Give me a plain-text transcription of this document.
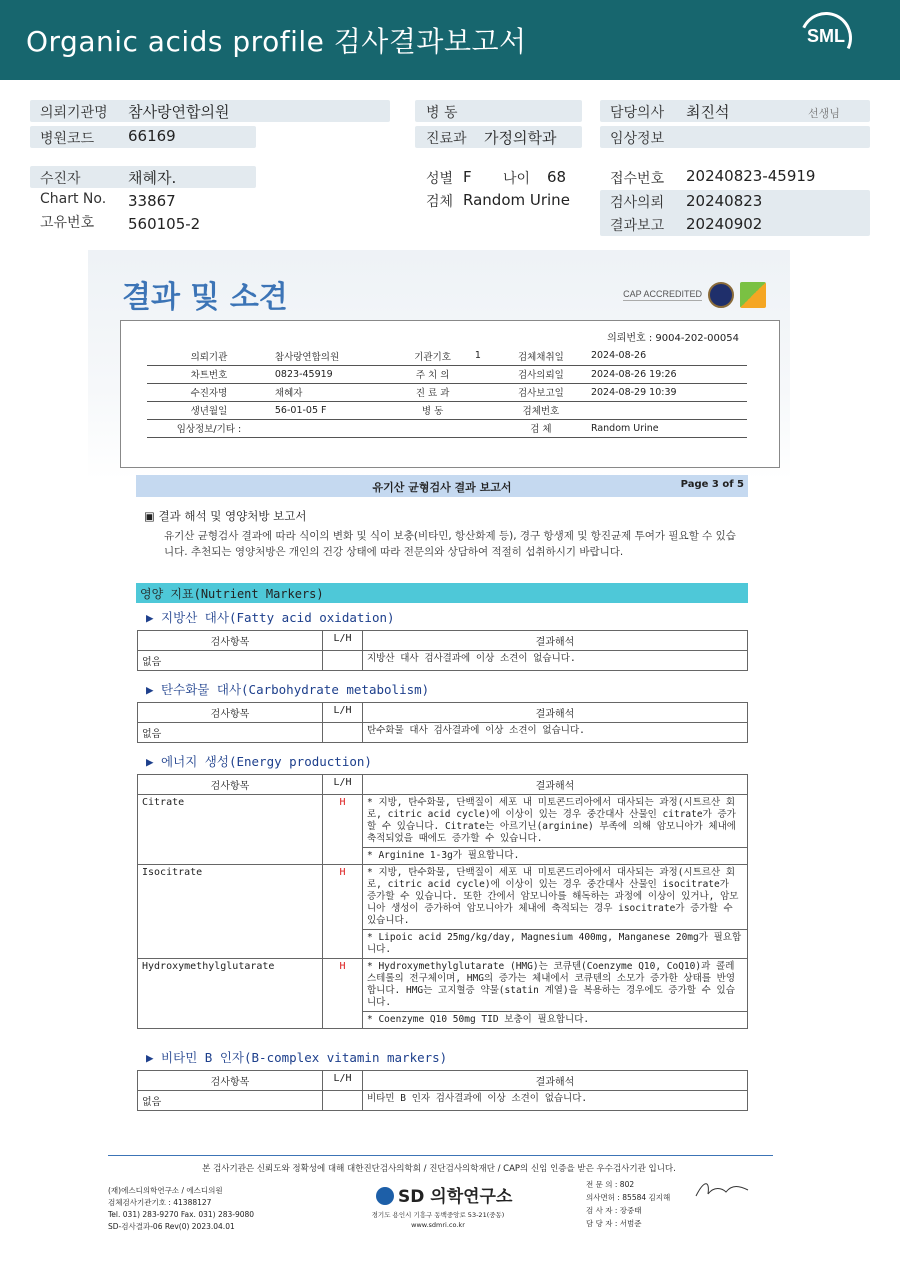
Organic acids profile 검사결과보고서	SML
의뢰기관명 참사랑연합의원
병원코드 66169
병 동
진료과 가정의학과
담당의사 최진석	선생님
임상정보
수진자	채혜자.
Chart No. 33867
고유번호 560105-2
성별 F 나이 68
검체 Random Urine
접수번호 20240823-45919
검사의뢰 20240823
결과보고 20240902
결과 및 소견	CAP ACCREDITED
의뢰번호 : 9004-202-00054
의뢰기관	참사랑연합의원	기관기호	1	검체채취일	2024-08-26
차트번호	0823-45919	주 치 의		검사의뢰일	2024-08-26 19:26
수진자명	채혜자	진 료 과		검사보고일	2024-08-29 10:39
생년월일	56-01-05 F	병 동		검체번호	
임상정보/기타 :				검 체	Random Urine
유기산 균형검사 결과 보고서	Page 3 of 5
▣ 결과 해석 및 영양처방 보고서
유기산 균형검사 결과에 따라 식이의 변화 및 식이 보충(비타민, 항산화제 등), 경구 항생제 및 항진균제 투여가 필요할 수 있습니다. 추천되는 영양처방은 개인의 건강 상태에 따라 전문의와 상담하여 적절히 섭취하시기 바랍니다.
영양 지표(Nutrient Markers)
▶ 지방산 대사(Fatty acid oxidation)
검사항목	L/H	결과해석
없음		지방산 대사 검사결과에 이상 소견이 없습니다.
▶ 탄수화물 대사(Carbohydrate metabolism)
검사항목	L/H	결과해석
없음		탄수화물 대사 검사결과에 이상 소견이 없습니다.
▶ 에너지 생성(Energy production)
검사항목	L/H	결과해석
Citrate	H	* 지방, 탄수화물, 단백질이 세포 내 미토콘드리아에서 대사되는 과정(시트르산 회로, citric acid cycle)에 이상이 있는 경우 중간대사 산물인 citrate가 증가할 수 있습니다. Citrate는 아르기닌(arginine) 부족에 의해 암모니아가 체내에 축적되었을 때에도 증가할 수 있습니다.
		* Arginine 1-3g가 필요합니다.
Isocitrate	H	* 지방, 탄수화물, 단백질이 세포 내 미토콘드리아에서 대사되는 과정(시트르산 회로, citric acid cycle)에 이상이 있는 경우 중간대사 산물인 isocitrate가 증가할 수 있습니다. 또한 간에서 암모니아를 해독하는 과정에 이상이 있거나, 암모니아 생성이 증가하여 암모니아가 체내에 축적되는 경우 isocitrate가 증가할 수 있습니다.
		* Lipoic acid 25mg/kg/day, Magnesium 400mg, Manganese 20mg가 필요합니다.
Hydroxymethylglutarate	H	* Hydroxymethylglutarate (HMG)는 코큐텐(Coenzyme Q10, CoQ10)과 콜레스테롤의 전구체이며, HMG의 증가는 체내에서 코큐텐의 소모가 증가한 상태를 반영합니다. HMG는 고지혈증 약물(statin 계열)을 복용하는 경우에도 증가할 수 있습니다.
		* Coenzyme Q10 50mg TID 보충이 필요합니다.
▶ 비타민 B 인자(B-complex vitamin markers)
검사항목	L/H	결과해석
없음		비타민 B 인자 검사결과에 이상 소견이 없습니다.
본 검사기관은 신뢰도와 정확성에 대해 대한진단검사의학회 / 진단검사의학재단 / CAP의 신임 인증을 받은 우수검사기관 입니다.
(재)에스디의학연구소 / 에스디의원
검체검사기관기호 : 41388127
Tel. 031) 283-9270 Fax. 031) 283-9080
SD-검사결과-06 Rev(0) 2023.04.01
SD 의학연구소
경기도 용인시 기흥구 동백중앙로 53-21(중동)
www.sdmri.co.kr
전 문 의 : 802
의사면허 : 85584 김지해
검 사 자 : 장중태
담 당 자 : 서범준
